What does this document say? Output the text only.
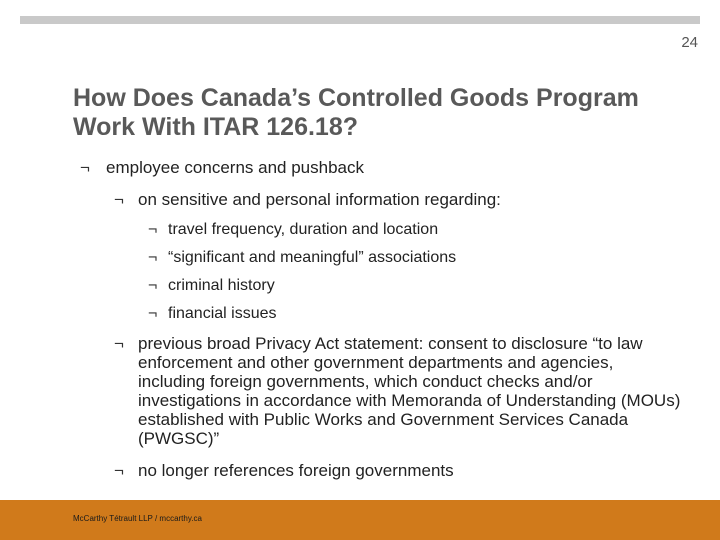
24
How Does Canada’s Controlled Goods Program Work With ITAR 126.18?
¬ employee concerns and pushback
¬ on sensitive and personal information regarding:
¬ travel frequency, duration and location
¬ “significant and meaningful” associations
¬ criminal history
¬ financial issues
¬ previous broad Privacy Act statement: consent to disclosure “to law enforcement and other government departments and agencies, including foreign governments, which conduct checks and/or investigations in accordance with Memoranda of Understanding (MOUs) established with Public Works and Government Services Canada (PWGSC)”
¬ no longer references foreign governments
McCarthy Tétrault LLP / mccarthy.ca
